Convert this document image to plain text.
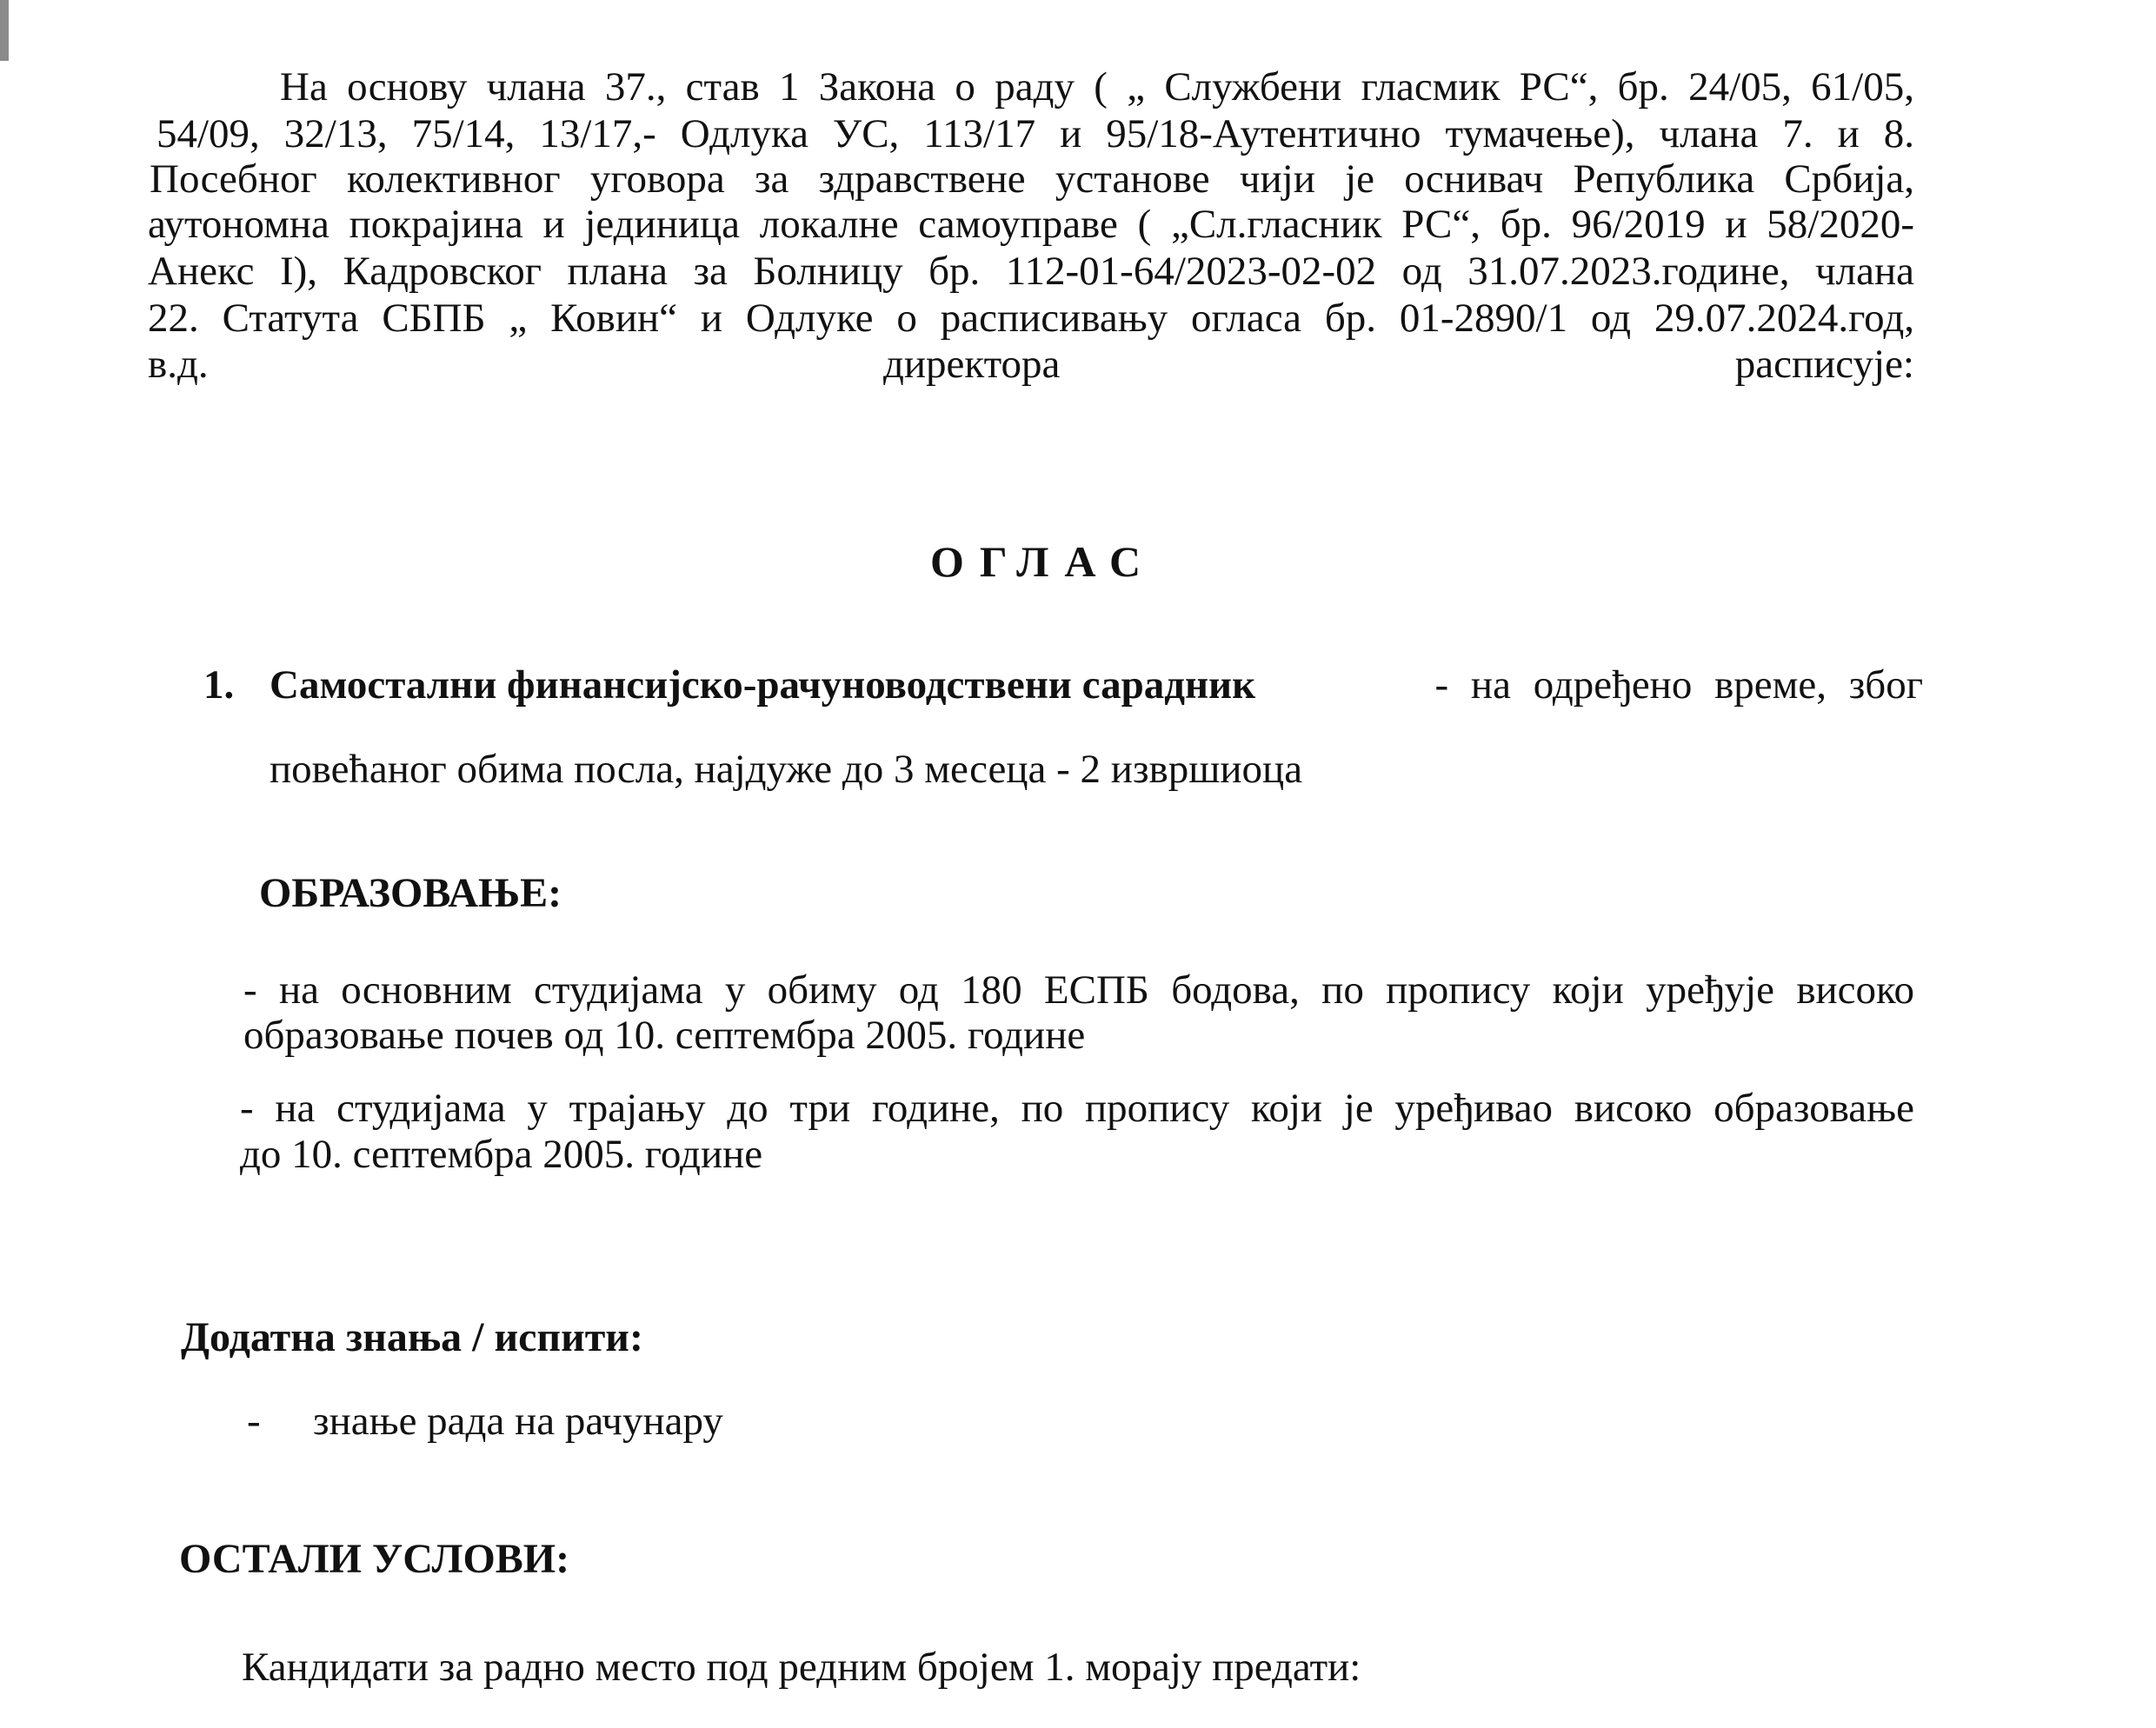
На основу члана 37., став 1 Закона о раду ( „ Службени гласмик РС“, бр. 24/05, 61/05,
54/09, 32/13, 75/14, 13/17,- Одлука УС, 113/17 и 95/18-Аутентично тумачење), члана 7. и 8.
Посебног колективног уговора за здравствене установе чији је оснивач Република Србија,
аутономна покрајина и јединица локалне самоуправе ( „Сл.гласник РС“, бр. 96/2019 и 58/2020-
Анекс I), Кадровског плана за Болницу бр. 112-01-64/2023-02-02 од 31.07.2023.године, члана
22. Статута СБПБ „ Ковин“ и Одлуке о расписивању огласа бр. 01-2890/1 од 29.07.2024.год,
в.д. директора расписује:
ОГЛАС
1. Самостални финансијско-рачуноводствени сарадник	- на одређено време, због
повећаног обима посла, најдуже до 3 месеца - 2 извршиоца
ОБРАЗОВАЊЕ:
- на основним студијама у обиму од 180 ЕСПБ бодова, по пропису који уређује високо
образовање почев од 10. септембра 2005. године
- на студијама у трајању до три године, по пропису који је уређивао високо образовање
до 10. септембра 2005. године
Додатна знања / испити:
- знање рада на рачунару
ОСТАЛИ УСЛОВИ:
Кандидати за радно место под редним бројем 1. морају предати:
